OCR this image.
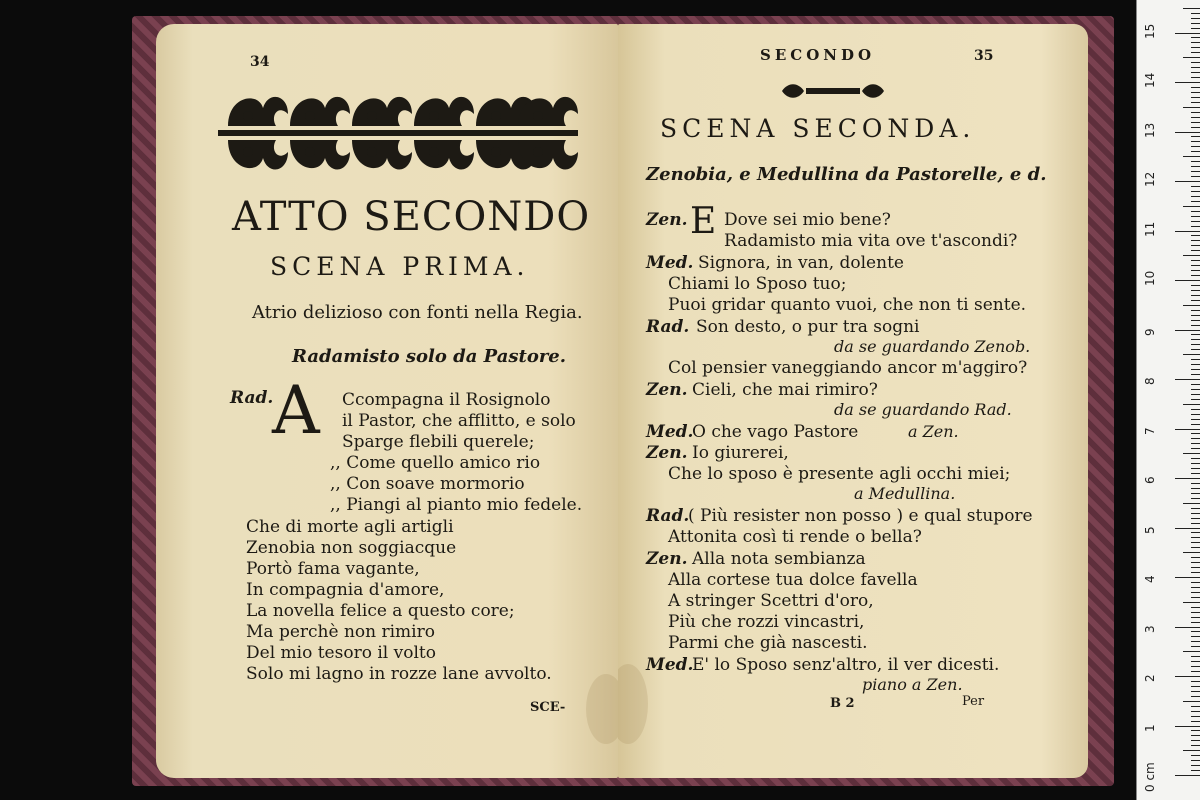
34
ATTO SECONDO
SCENA PRIMA.
Atrio delizioso con fonti nella Regia.
Radamisto solo da Pastore.
Rad.
A Ccompagna il Rosignolo
il Pastor, che afflitto, e solo
Sparge flebili querele;
,, Come quello amico rio
,, Con soave mormorio
,, Piangi al pianto mio fedele.
Che di morte agli artigli
Zenobia non soggiacque
Portò fama vagante,
In compagnia d'amore,
La novella felice a questo core;
Ma perchè non rimiro
Del mio tesoro il volto
Solo mi lagno in rozze lane avvolto.
SCE-
SECONDO	35
SCENA SECONDA.
Zenobia, e Medullina da Pastorelle, e d.
Zen. E Dove sei mio bene?
Radamisto mia vita ove t'ascondi?
Med. Signora, in van, dolente
Chiami lo Sposo tuo;
Puoi gridar quanto vuoi, che non ti sente.
Rad. Son desto, o pur tra sogni
da se guardando Zenob.
Col pensier vaneggiando ancor m'aggiro?
Zen. Cieli, che mai rimiro?
da se guardando Rad.
Med.
O che vago Pastore	a Zen.
Zen. Io giurerei,
Che lo sposo è presente agli occhi miei;
a Medullina.
Rad.
( Più resister non posso ) e qual stupore
Attonita così ti rende o bella?
Zen. Alla nota sembianza
Alla cortese tua dolce favella
A stringer Scettri d'oro,
Più che rozzi vincastri,
Parmi che già nascesti.
Med.
E' lo Sposo senz'altro, il ver dicesti.
piano a Zen.
B 2	Per
0 cm
1
2
3
4
5
6
7
8
9
10
11
12
13
14
15
